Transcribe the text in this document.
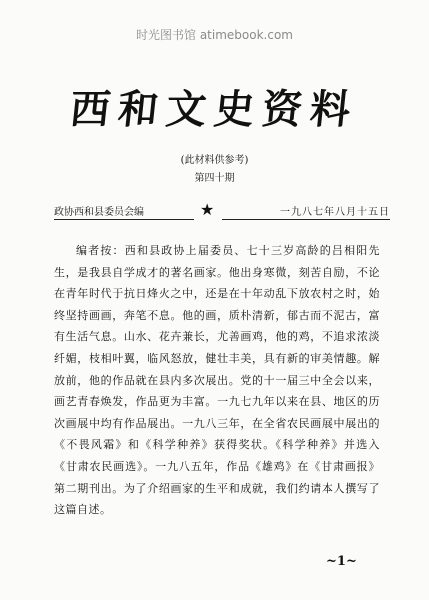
时光图书馆 atimebook.com
西和文史资料
(此材料供参考)
第四十期
政协西和县委员会编	★	一九八七年八月十五日

编者按：西和县政协上届委员、七十三岁高龄的吕相阳先生，是我县自学成才的著名画家。他出身寒微，刻苦自励，不论在青年时代于抗日烽火之中，还是在十年动乱下放农村之时，始终坚持画画，奔笔不息。他的画，质朴清新，郁古而不泥古，富有生活气息。山水、花卉兼长，尤善画鸡，他的鸡，不追求浓淡纤媚，枝相叶翼，临风怒放，健壮丰美，具有新的审美情趣。解放前，他的作品就在县内多次展出。党的十一届三中全会以来，画艺青春焕发，作品更为丰富。一九七九年以来在县、地区的历次画展中均有作品展出。一九八三年，在全省农民画展中展出的《不畏风霜》和《科学种养》获得奖状。《科学种养》并选入《甘肃农民画选》。一九八五年，作品《雄鸡》在《甘肃画报》第二期刊出。为了介绍画家的生平和成就，我们约请本人撰写了这篇自述。

~1~
